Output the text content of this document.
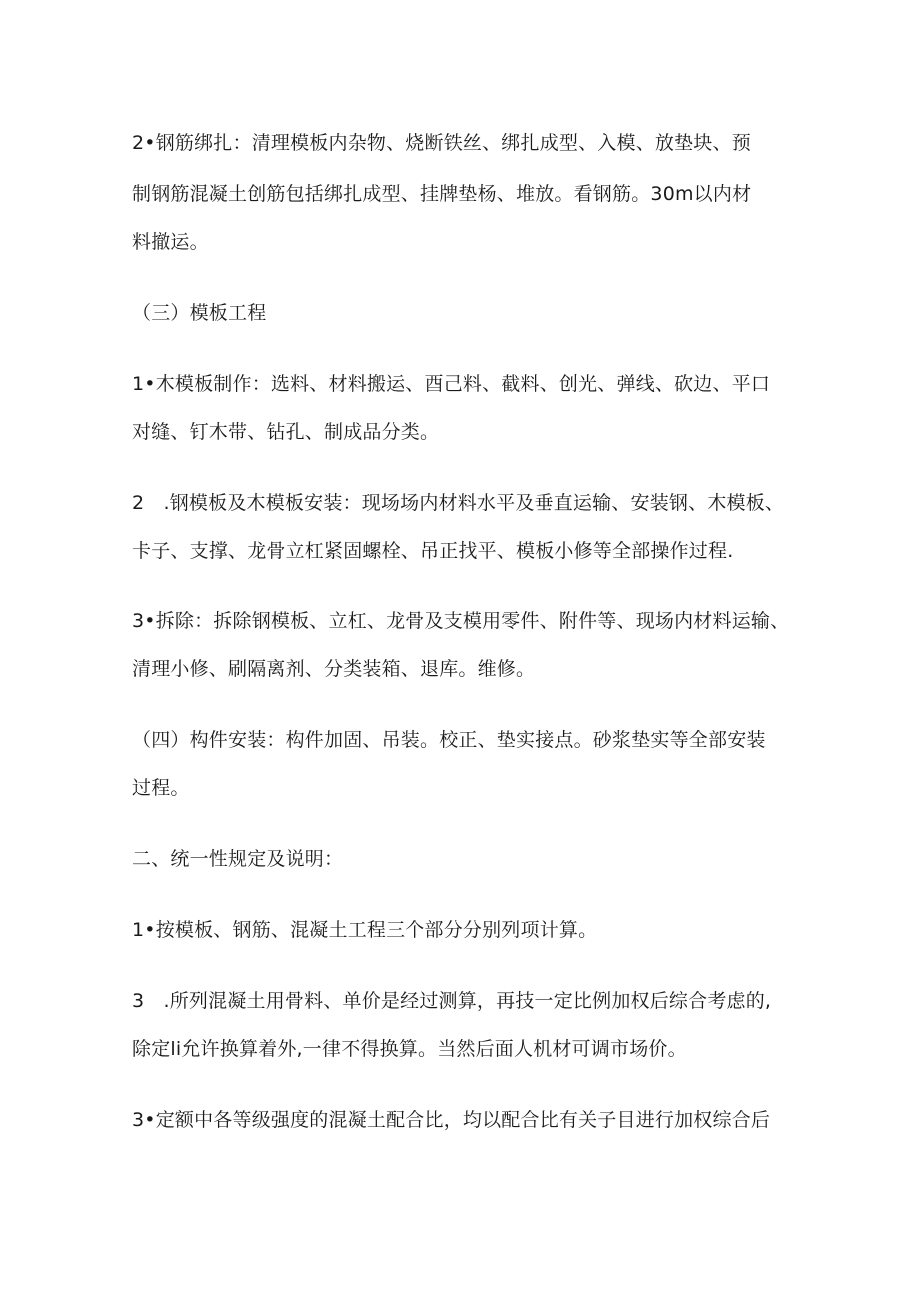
2•钢筋绑扎：清理模板内杂物、烧断铁丝、绑扎成型、入模、放垫块、预
制钢筋混凝土创筋包括绑扎成型、挂牌垫杨、堆放。看钢筋。30m以内材
料撤运。
（三）模板工程
1•木模板制作：选料、材料搬运、酉己料、截料、创光、弹线、砍边、平口
对缝、钉木带、钻孔、制成品分类。
2　.钢模板及木模板安装：现场场内材料水平及垂直运输、安装钢、木模板、
卡子、支撑、龙骨立杠紧固螺栓、吊正找平、模板小修等全部操作过程.
3•拆除：拆除钢模板、立杠、龙骨及支模用零件、附件等、现场内材料运输、
清理小修、刷隔离剂、分类装箱、退库。维修。
（四）构件安装：构件加固、吊装。校正、垫实接点。砂浆垫实等全部安装
过程。
二、统一性规定及说明：
1•按模板、钢筋、混凝土工程三个部分分别列项计算。
3　.所列混凝土用骨料、单价是经过测算，再技一定比例加权后综合考虑的,
除定li允许换算着外,一律不得换算。当然后面人机材可调市场价。
3•定额中各等级强度的混凝土配合比，均以配合比有关子目进行加权综合后
